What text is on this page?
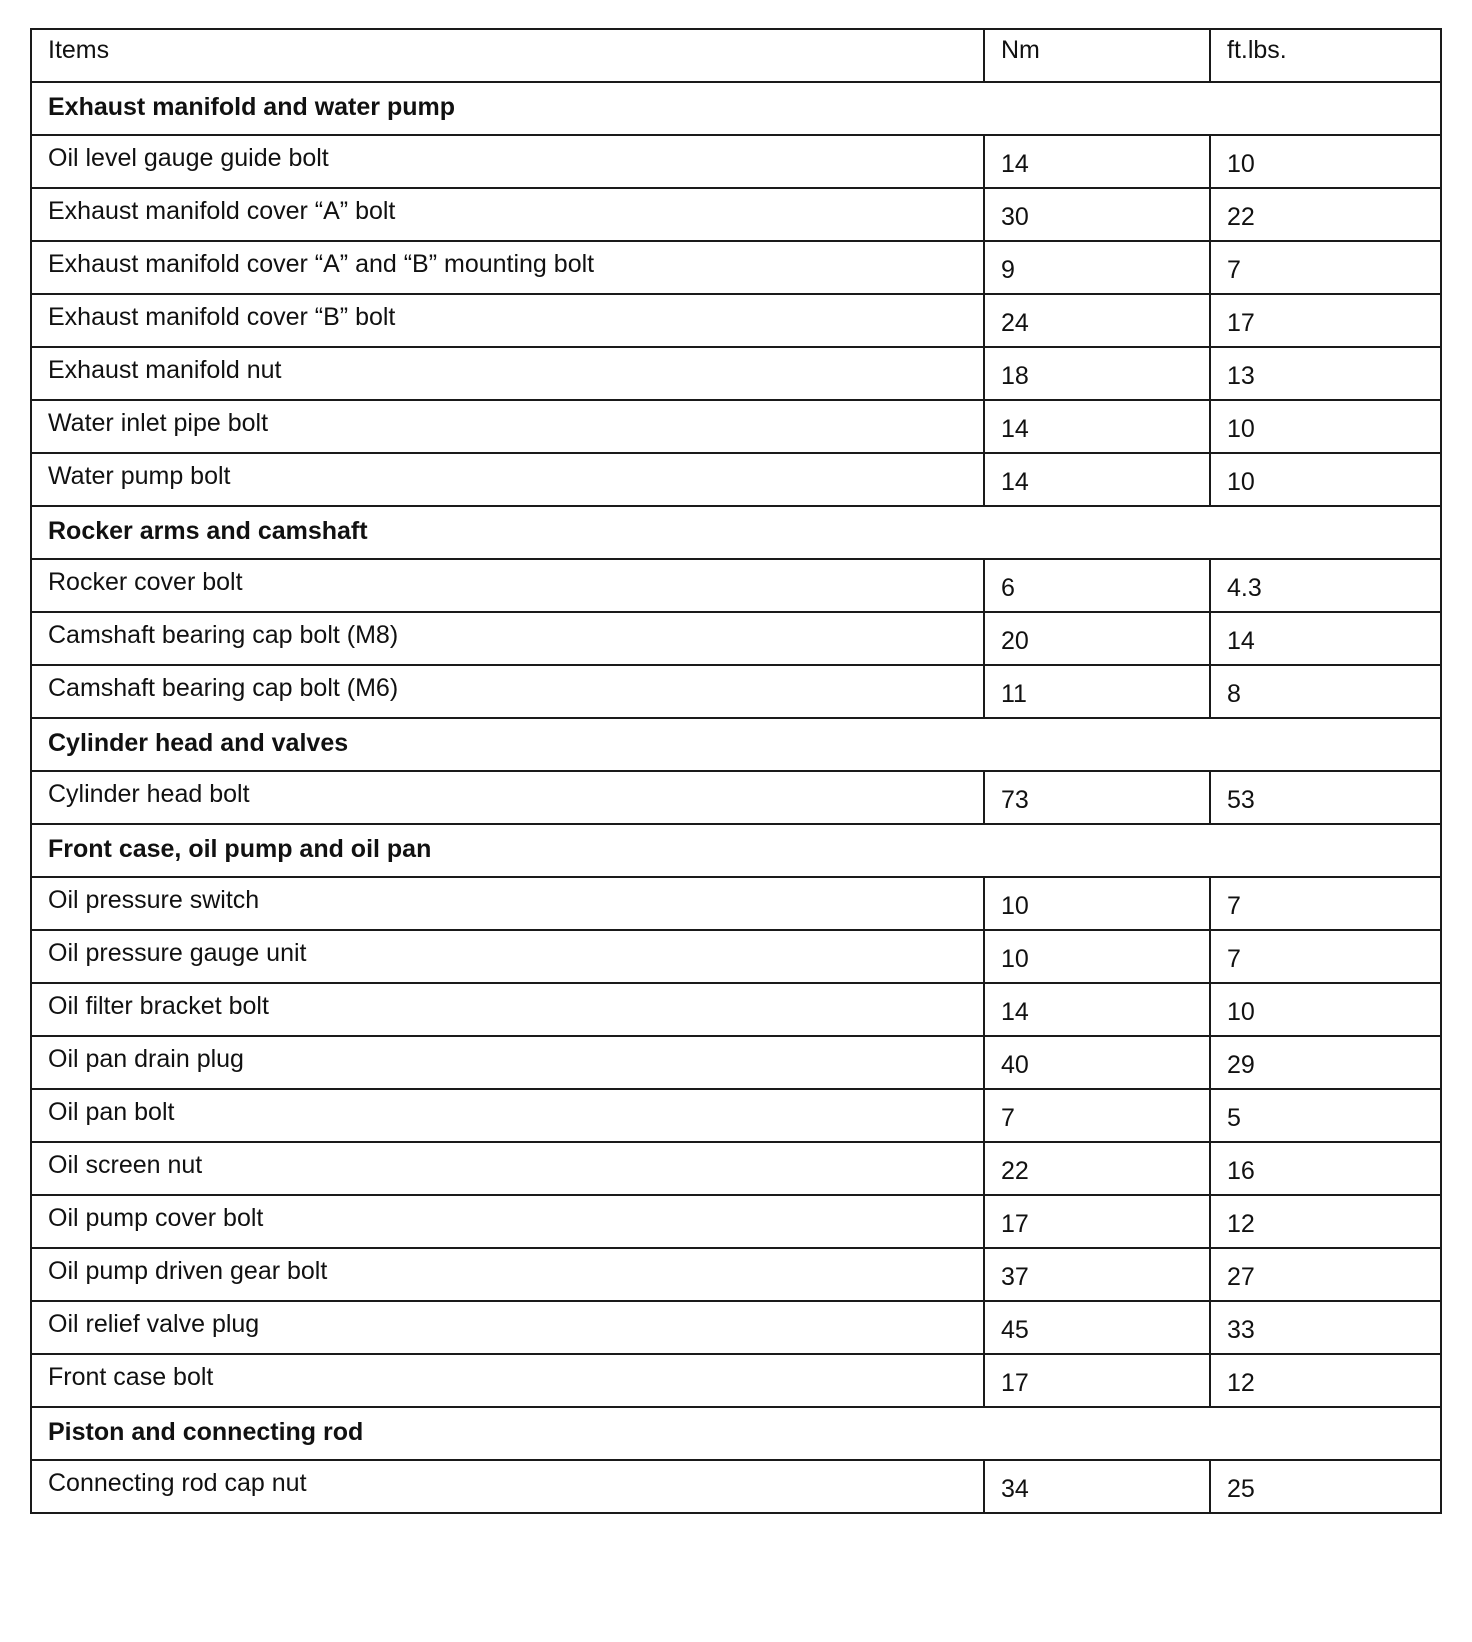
Items	Nm	ft.lbs.
Exhaust manifold and water pump		
Oil level gauge guide bolt	14	10
Exhaust manifold cover “A” bolt	30	22
Exhaust manifold cover “A” and “B” mounting bolt	9	7
Exhaust manifold cover “B” bolt	24	17
Exhaust manifold nut	18	13
Water inlet pipe bolt	14	10
Water pump bolt	14	10
Rocker arms and camshaft		
Rocker cover bolt	6	4.3
Camshaft bearing cap bolt (M8)	20	14
Camshaft bearing cap bolt (M6)	11	8
Cylinder head and valves		
Cylinder head bolt	73	53
Front case, oil pump and oil pan		
Oil pressure switch	10	7
Oil pressure gauge unit	10	7
Oil filter bracket bolt	14	10
Oil pan drain plug	40	29
Oil pan bolt	7	5
Oil screen nut	22	16
Oil pump cover bolt	17	12
Oil pump driven gear bolt	37	27
Oil relief valve plug	45	33
Front case bolt	17	12
Piston and connecting rod		
Connecting rod cap nut	34	25
